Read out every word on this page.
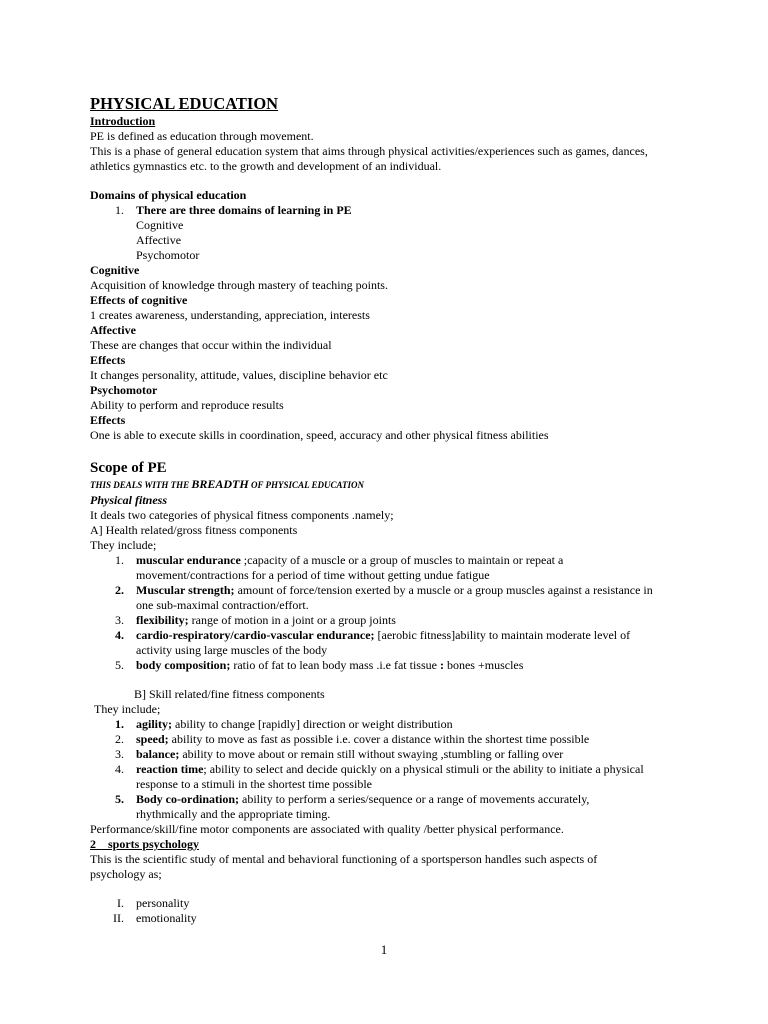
PHYSICAL EDUCATION
Introduction
PE is defined as education through movement.
This is a phase of general education system that aims through physical activities/experiences such as games, dances,
athletics gymnastics etc. to the growth and development of an individual.
Domains of physical education
1. There are three domains of learning in PE
Cognitive
Affective
Psychomotor
Cognitive
Acquisition of knowledge through mastery of teaching points.
Effects of cognitive
1 creates awareness, understanding, appreciation, interests
Affective
These are changes that occur within the individual
Effects
It changes personality, attitude, values, discipline behavior etc
Psychomotor
Ability to perform and reproduce results
Effects
One is able to execute skills in coordination, speed, accuracy and other physical fitness abilities
Scope of PE
THIS DEALS WITH THE BREADTH OF PHYSICAL EDUCATION
Physical fitness
It deals two categories of physical fitness components .namely;
A] Health related/gross fitness components
They include;
1. muscular endurance ;capacity of a muscle or a group of muscles to maintain or repeat a
movement/contractions for a period of time without getting undue fatigue
2. Muscular strength; amount of force/tension exerted by a muscle or a group muscles against a resistance in
one sub-maximal contraction/effort.
3. flexibility; range of motion in a joint or a group joints
4. cardio-respiratory/cardio-vascular endurance; [aerobic fitness]ability to maintain moderate level of
activity using large muscles of the body
5. body composition; ratio of fat to lean body mass .i.e fat tissue : bones +muscles
B] Skill related/fine fitness components
They include;
1. agility; ability to change [rapidly] direction or weight distribution
2. speed; ability to move as fast as possible i.e. cover a distance within the shortest time possible
3. balance; ability to move about or remain still without swaying ,stumbling or falling over
4. reaction time; ability to select and decide quickly on a physical stimuli or the ability to initiate a physical
response to a stimuli in the shortest time possible
5. Body co-ordination; ability to perform a series/sequence or a range of movements accurately,
rhythmically and the appropriate timing.
Performance/skill/fine motor components are associated with quality /better physical performance.
2    sports psychology
This is the scientific study of mental and behavioral functioning of a sportsperson handles such aspects of
psychology as;
I. personality
II. emotionality
1
